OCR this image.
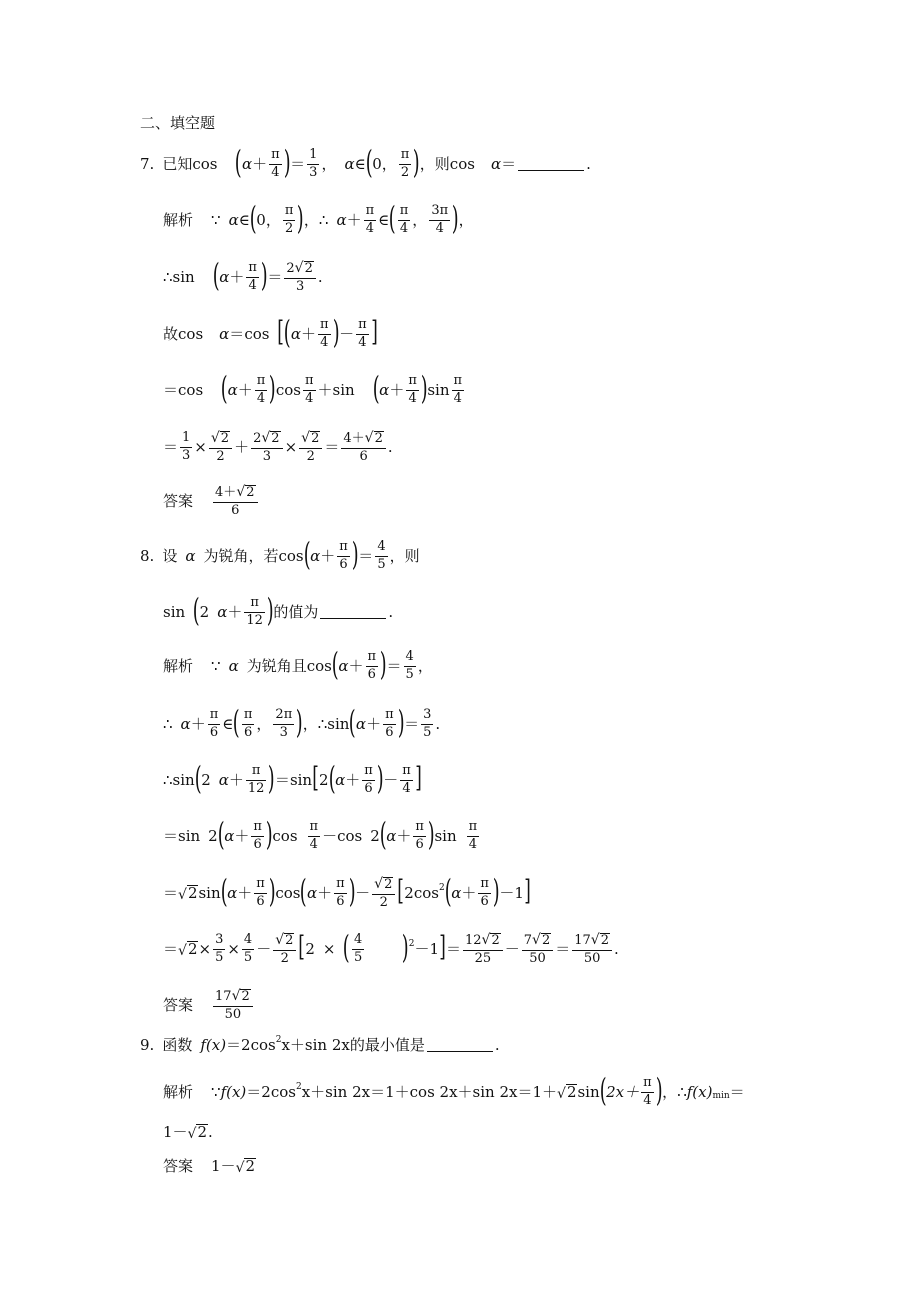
二、填空题
7. 已知 cos ( $\alpha + \frac{\pi}{4}$ ) ＝ $\frac{1}{3}$ ， α ∈ ( 0 ， $\frac{\pi}{2}$ ) ，则 cos α ＝	.
解析 ∵ α ∈ ( 0 ， $\frac{\pi}{2}$ ) ， ∴ $\alpha + \frac{\pi}{4}$ ∈ ( $\frac{\pi}{4}$ ， $\frac{3\pi}{4}$ ) ，
∴ sin ( $\alpha + \frac{\pi}{4}$ ) ＝ $\frac{2 √ 2}{3}$ .
故 cos α ＝ cos [ ( $\alpha + \frac{\pi}{4}$ ) － $\frac{\pi}{4}$ ]
＝ cos ( $\alpha + \frac{\pi}{4}$ ) $\cos \frac{\pi}{4} + \sin$ ( $\alpha + \frac{\pi}{4}$ ) $\sin \frac{\pi}{4}$
＝ $\frac{1}{3} \times \frac{√ 2}{2} + \frac{2 √ 2}{3} \times \frac{√ 2}{2} = \frac{4+ √ 2}{6}$ .
答案 $\frac{4+ √ 2}{6}$
8. 设 α 为锐角，若 cos ( $\alpha + \frac{\pi}{6}$ ) ＝ $\frac{4}{5}$ ，则
sin ( 2 $\alpha + \frac{\pi}{12}$ ) 的值为	.
解析 ∵ α 为锐角且 cos ( $\alpha + \frac{\pi}{6}$ ) ＝ $\frac{4}{5}$ ，
∴ $\alpha + \frac{\pi}{6}$ ∈ ( $\frac{\pi}{6}$ ， $\frac{2\pi}{3}$ ) ， ∴ sin ( $\alpha + \frac{\pi}{6}$ ) ＝ $\frac{3}{5}$ .
∴ sin ( 2 $\alpha + \frac{\pi}{12}$ ) ＝ sin [ 2 ( $\alpha + \frac{\pi}{6}$ ) － $\frac{\pi}{4}$ ]
＝ sin 2 ( $\alpha + \frac{\pi}{6}$ ) $\cos \frac{\pi}{4} - \cos 2$ ( $\alpha + \frac{\pi}{6}$ ) $\sin \frac{\pi}{4}$
＝ √ 2 sin ( $\alpha + \frac{\pi}{6}$ ) cos ( $\alpha + \frac{\pi}{6}$ ) － $\frac{√ 2}{2}$ [ 2 $\cos^2$ ( $\alpha + \frac{\pi}{6}$ ) － 1 ]
＝ √ $2 \times \frac{3}{5} \times \frac{4}{5} - \frac{√ 2}{2}$ [ 2 × ( $\frac{4}{5} )^2 - 1$ ] ＝ $\frac{12 √ 2}{25} - \frac{7 √ 2}{50} = \frac{17 √ 2}{50}$ .
答案 $\frac{17 √ 2}{50}$
9. 函数 $f(x) =2\cos^2$ x＋sin 2x 的最小值是	.
解析 ∵ $f(x) =2\cos^2$ x＋sin 2x ＝1＋cos 2x＋sin 2x＝1＋ √ 2 sin ( $2x+ \frac{\pi}{4}$ ) ， ∴ $f(x)_{min}$ ＝
1－ √ 2 .
答案 1－ √ 2
